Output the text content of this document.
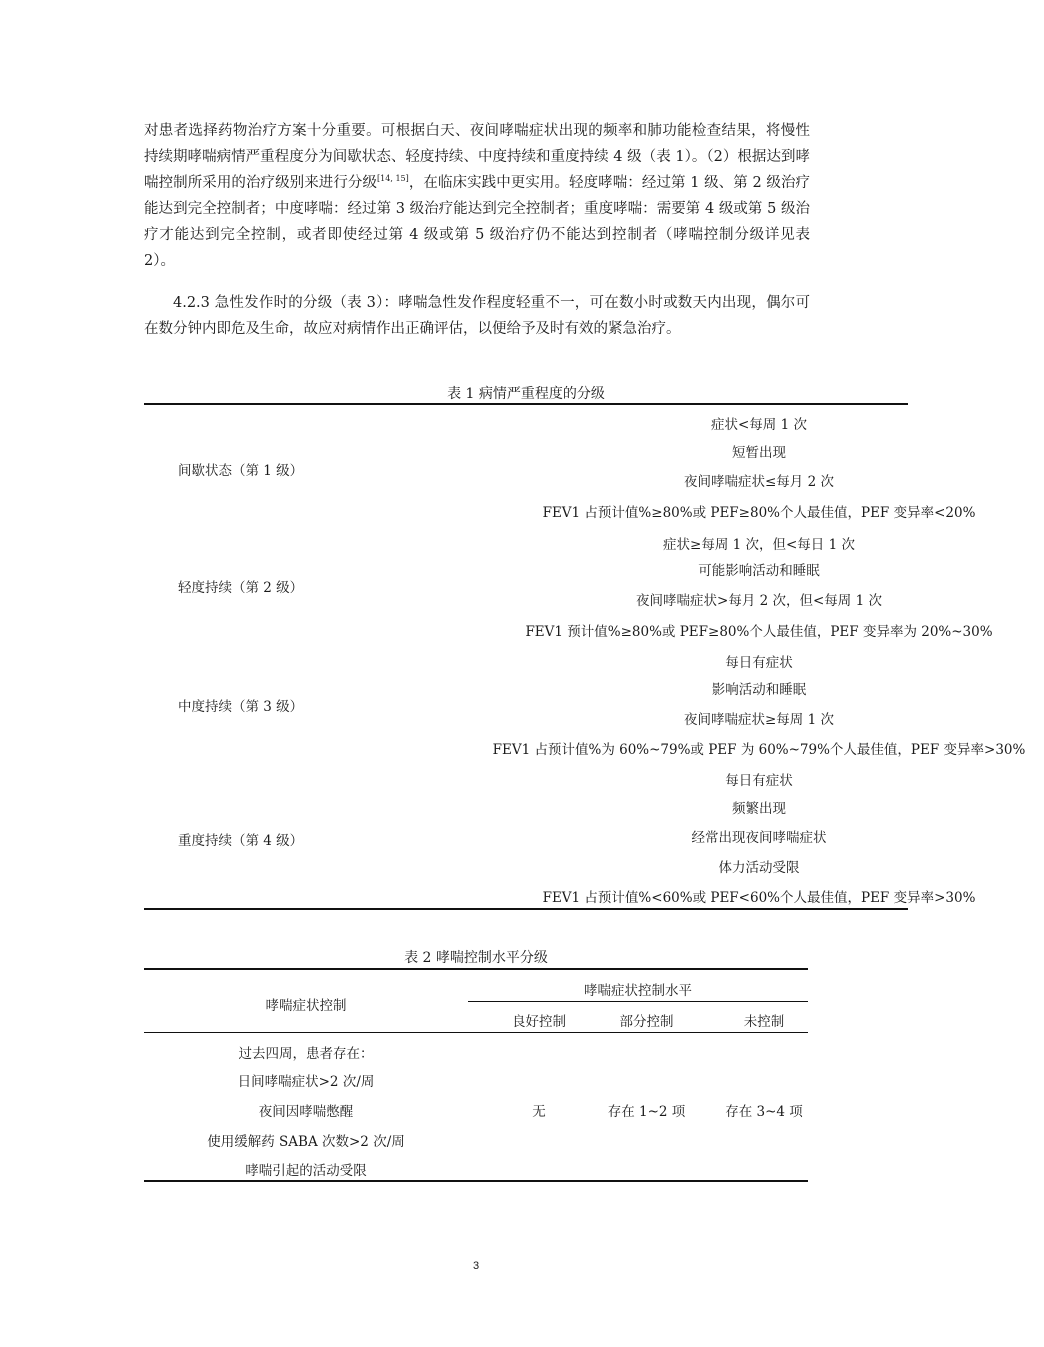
对患者选择药物治疗方案十分重要。可根据白天、夜间哮喘症状出现的频率和肺功能检查结果，将慢性持续期哮喘病情严重程度分为间歇状态、轻度持续、中度持续和重度持续 4 级（表 1）。（2）根据达到哮喘控制所采用的治疗级别来进行分级[14, 15]，在临床实践中更实用。轻度哮喘：经过第 1 级、第 2 级治疗能达到完全控制者；中度哮喘：经过第 3 级治疗能达到完全控制者；重度哮喘：需要第 4 级或第 5 级治疗才能达到完全控制，或者即使经过第 4 级或第 5 级治疗仍不能达到控制者（哮喘控制分级详见表 2）。

4.2.3 急性发作时的分级（表 3）：哮喘急性发作程度轻重不一，可在数小时或数天内出现，偶尔可在数分钟内即危及生命，故应对病情作出正确评估，以便给予及时有效的紧急治疗。

表 1 病情严重程度的分级
间歇状态（第 1 级）
症状<每周 1 次
短暂出现
夜间哮喘症状≤每月 2 次
FEV1 占预计值%≥80%或 PEF≥80%个人最佳值，PEF 变异率<20%
轻度持续（第 2 级）
症状≥每周 1 次，但<每日 1 次
可能影响活动和睡眠
夜间哮喘症状>每月 2 次，但<每周 1 次
FEV1 预计值%≥80%或 PEF≥80%个人最佳值，PEF 变异率为 20%~30%
中度持续（第 3 级）
每日有症状
影响活动和睡眠
夜间哮喘症状≥每周 1 次
FEV1 占预计值%为 60%~79%或 PEF 为 60%~79%个人最佳值，PEF 变异率>30%
重度持续（第 4 级）
每日有症状
频繁出现
经常出现夜间哮喘症状
体力活动受限
FEV1 占预计值%<60%或 PEF<60%个人最佳值，PEF 变异率>30%
表 2 哮喘控制水平分级
哮喘症状控制
哮喘症状控制水平
良好控制	部分控制	未控制
过去四周，患者存在：
日间哮喘症状>2 次/周
夜间因哮喘憋醒
使用缓解药 SABA 次数>2 次/周
哮喘引起的活动受限
无	存在 1~2 项	存在 3~4 项
3
